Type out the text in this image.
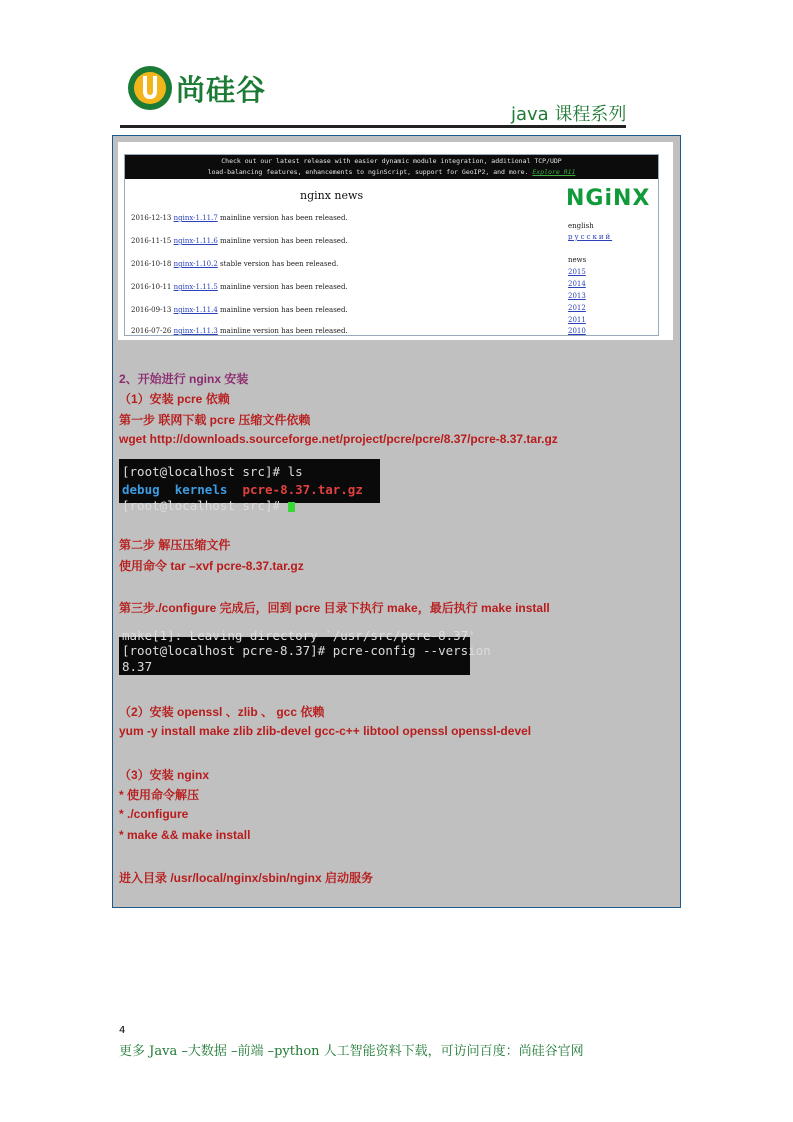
尚硅谷
java 课程系列
Check out our latest release with easier dynamic module integration, additional TCP/UDP
load-balancing features, enhancements to nginScript, support for GeoIP2, and more. Explore R11
nginx news
2016-12-13 nginx-1.11.7 mainline version has been released.
2016-11-15 nginx-1.11.6 mainline version has been released.
2016-10-18 nginx-1.10.2 stable version has been released.
2016-10-11 nginx-1.11.5 mainline version has been released.
2016-09-13 nginx-1.11.4 mainline version has been released.
2016-07-26 nginx-1.11.3 mainline version has been released.
NGiNX
english
русский
news
2015
2014
2013
2012
2011
2010
2、开始进行 nginx 安装
（1）安装 pcre 依赖
第一步 联网下载 pcre 压缩文件依赖
wget http://downloads.sourceforge.net/project/pcre/pcre/8.37/pcre-8.37.tar.gz

[root@localhost src]# ls

debug kernels pcre-8.37.tar.gz

[root@localhost src]#

第二步 解压压缩文件
使用命令 tar –xvf pcre-8.37.tar.gz
第三步./configure 完成后，回到 pcre 目录下执行 make，最后执行 make install

make[1]: Leaving directory `/usr/src/pcre-8.37'

[root@localhost pcre-8.37]# pcre-config --version

8.37

（2）安装 openssl 、zlib 、 gcc 依赖
yum -y install make zlib zlib-devel gcc-c++ libtool openssl openssl-devel
（3）安装 nginx
* 使用命令解压
* ./configure
* make && make install
进入目录 /usr/local/nginx/sbin/nginx 启动服务
4
更多 Java –大数据 –前端 –python 人工智能资料下载，可访问百度：尚硅谷官网
